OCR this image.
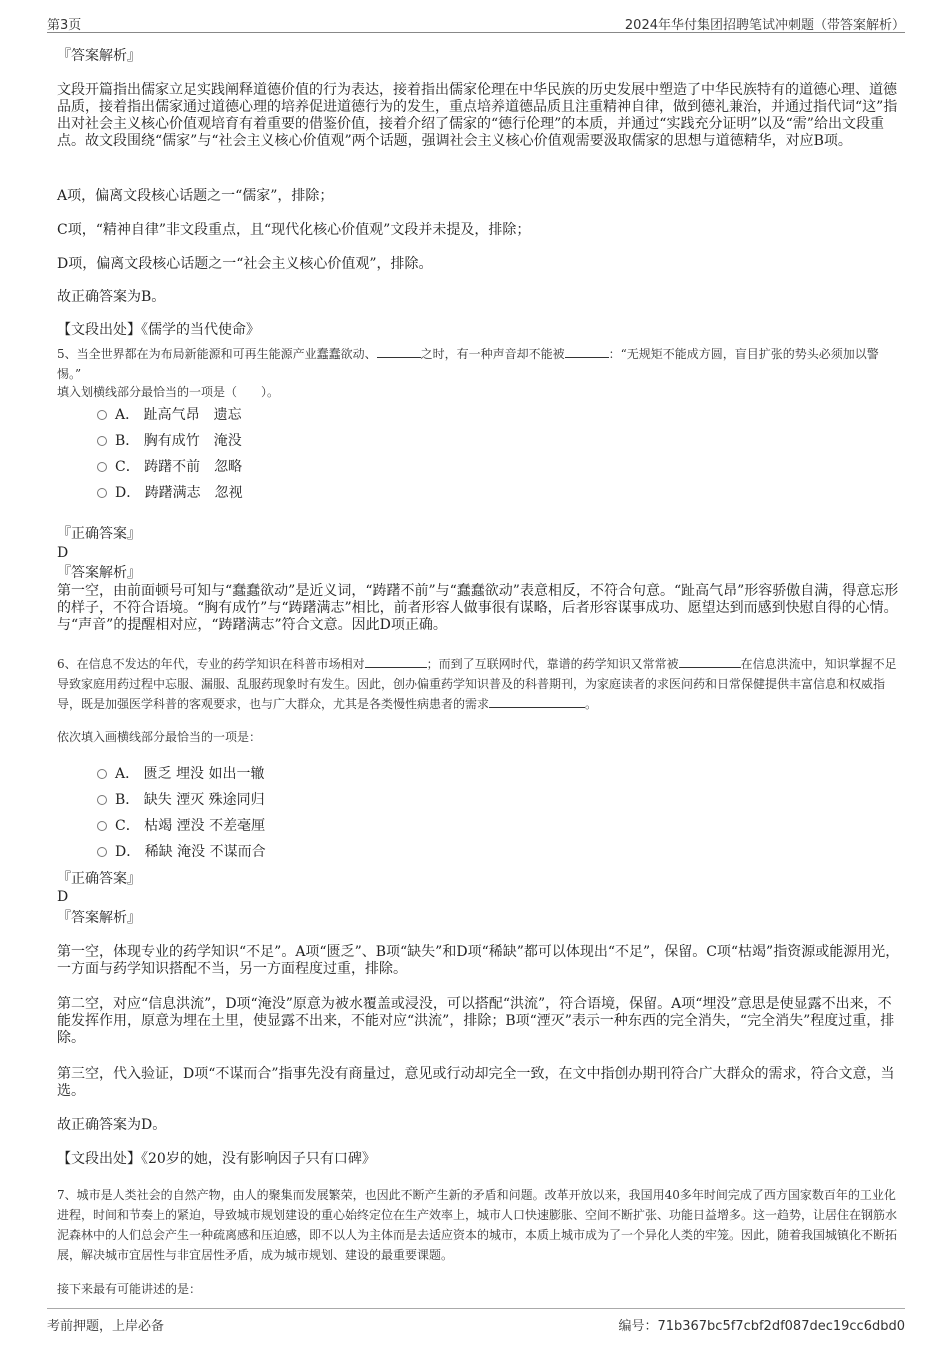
第3页	2024年华付集团招聘笔试冲刺题（带答案解析）

『答案解析』

文段开篇指出儒家立足实践阐释道德价值的行为表达，接着指出儒家伦理在中华民族的历史发展中塑造了中华民族特有的道德心理、道德品质，接着指出儒家通过道德心理的培养促进道德行为的发生，重点培养道德品质且注重精神自律，做到德礼兼治，并通过指代词“这”指出对社会主义核心价值观培育有着重要的借鉴价值，接着介绍了儒家的“德行伦理”的本质，并通过“实践充分证明”以及“需”给出文段重点。故文段围绕“儒家”与“社会主义核心价值观”两个话题，强调社会主义核心价值观需要汲取儒家的思想与道德精华，对应B项。

A项，偏离文段核心话题之一“儒家”，排除；

C项，“精神自律”非文段重点，且“现代化核心价值观”文段并未提及，排除；

D项，偏离文段核心话题之一“社会主义核心价值观”，排除。

故正确答案为B。

【文段出处】《儒学的当代使命》

5、当全世界都在为布局新能源和可再生能源产业蠢蠢欲动、	之时，有一种声音却不能被	：“无规矩不能成方圆，盲目扩张的势头必须加以警惕。”

填入划横线部分最恰当的一项是（　　）。

A． 趾高气昂　遗忘
B． 胸有成竹　淹没
C． 踌躇不前　忽略
D． 踌躇满志　忽视

『正确答案』

D

『答案解析』

第一空，由前面顿号可知与“蠢蠢欲动”是近义词，“踌躇不前”与“蠢蠢欲动”表意相反，不符合句意。“趾高气昂”形容骄傲自满，得意忘形的样子，不符合语境。“胸有成竹”与“踌躇满志”相比，前者形容人做事很有谋略，后者形容谋事成功、愿望达到而感到快慰自得的心情。与“声音”的提醒相对应，“踌躇满志”符合文意。因此D项正确。

6、在信息不发达的年代，专业的药学知识在科普市场相对	；而到了互联网时代，靠谱的药学知识又常常被	在信息洪流中，知识掌握不足导致家庭用药过程中忘服、漏服、乱服药现象时有发生。因此，创办偏重药学知识普及的科普期刊，为家庭读者的求医问药和日常保健提供丰富信息和权威指导，既是加强医学科普的客观要求，也与广大群众，尤其是各类慢性病患者的需求	。

依次填入画横线部分最恰当的一项是：

A． 匮乏 埋没 如出一辙
B． 缺失 湮灭 殊途同归
C． 枯竭 湮没 不差毫厘
D． 稀缺 淹没 不谋而合

『正确答案』

D

『答案解析』

第一空，体现专业的药学知识“不足”。A项“匮乏”、B项“缺失”和D项“稀缺”都可以体现出“不足”，保留。C项“枯竭”指资源或能源用光，一方面与药学知识搭配不当，另一方面程度过重，排除。

第二空，对应“信息洪流”，D项“淹没”原意为被水覆盖或浸没，可以搭配“洪流”，符合语境，保留。A项“埋没”意思是使显露不出来，不能发挥作用，原意为埋在土里，使显露不出来，不能对应“洪流”，排除；B项“湮灭”表示一种东西的完全消失，“完全消失”程度过重，排除。

第三空，代入验证，D项“不谋而合”指事先没有商量过，意见或行动却完全一致，在文中指创办期刊符合广大群众的需求，符合文意，当选。

故正确答案为D。

【文段出处】《20岁的她，没有影响因子只有口碑》

7、城市是人类社会的自然产物，由人的聚集而发展繁荣，也因此不断产生新的矛盾和问题。改革开放以来，我国用40多年时间完成了西方国家数百年的工业化进程，时间和节奏上的紧迫，导致城市规划建设的重心始终定位在生产效率上，城市人口快速膨胀、空间不断扩张、功能日益增多。这一趋势，让居住在钢筋水泥森林中的人们总会产生一种疏离感和压迫感，即不以人为主体而是去适应资本的城市，本质上城市成为了一个异化人类的牢笼。因此，随着我国城镇化不断拓展，解决城市宜居性与非宜居性矛盾，成为城市规划、建设的最重要课题。

接下来最有可能讲述的是：

考前押题，上岸必备	编号：71b367bc5f7cbf2df087dec19cc6dbd0
